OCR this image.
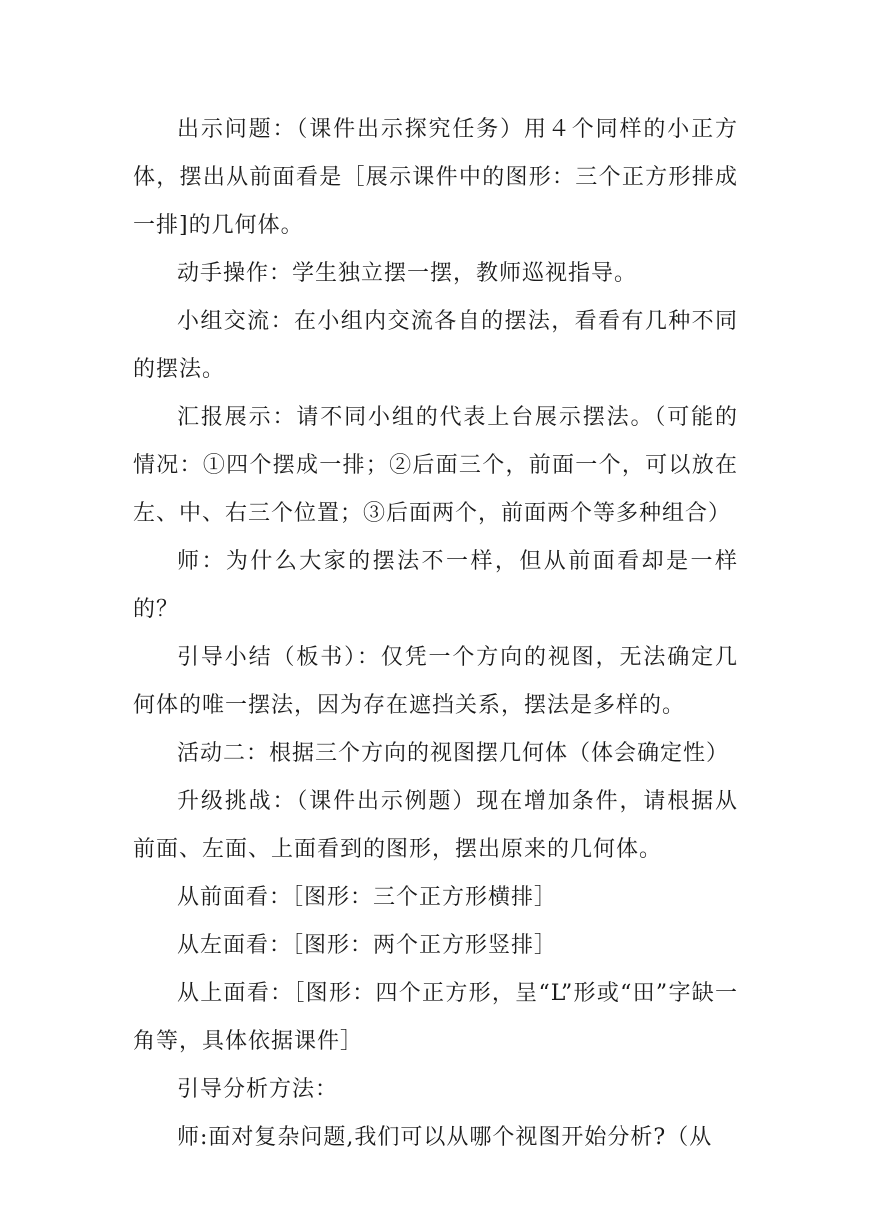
出示问题：（课件出示探究任务）用４个同样的小正方体，摆出从前面看是［展示课件中的图形：三个正方形排成一排]的几何体。

动手操作：学生独立摆一摆，教师巡视指导。

小组交流：在小组内交流各自的摆法，看看有几种不同的摆法。

汇报展示：请不同小组的代表上台展示摆法。（可能的情况：①四个摆成一排；②后面三个，前面一个，可以放在左、中、右三个位置；③后面两个，前面两个等多种组合）

师：为什么大家的摆法不一样，但从前面看却是一样的？

引导小结（板书）：仅凭一个方向的视图，无法确定几何体的唯一摆法，因为存在遮挡关系，摆法是多样的。

活动二：根据三个方向的视图摆几何体（体会确定性）

升级挑战：（课件出示例题）现在增加条件，请根据从前面、左面、上面看到的图形，摆出原来的几何体。

从前面看：［图形：三个正方形横排］

从左面看：［图形：两个正方形竖排］

从上面看：［图形：四个正方形，呈“L”形或“田”字缺一角等，具体依据课件］

引导分析方法：

师:面对复杂问题,我们可以从哪个视图开始分析?（从
